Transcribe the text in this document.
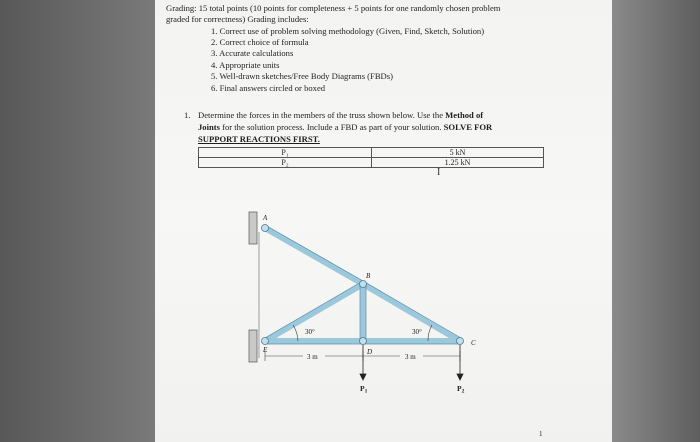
Grading: 15 total points (10 points for completeness + 5 points for one randomly chosen problem
graded for correctness) Grading includes:
1. Correct use of problem solving methodology (Given, Find, Sketch, Solution)
2. Correct choice of formula
3. Accurate calculations
4. Appropriate units
5. Well-drawn sketches/Free Body Diagrams (FBDs)
6. Final answers circled or boxed
1. Determine the forces in the members of the truss shown below. Use the Method of
Joints for the solution process. Include a FBD as part of your solution. SOLVE FOR
SUPPORT REACTIONS FIRST.
P₁	5 kN
P₂	1.25 kN
I
A
B
C
D
E
30°	30°
3 m	3 m
$P_1$	$P_2$
1
